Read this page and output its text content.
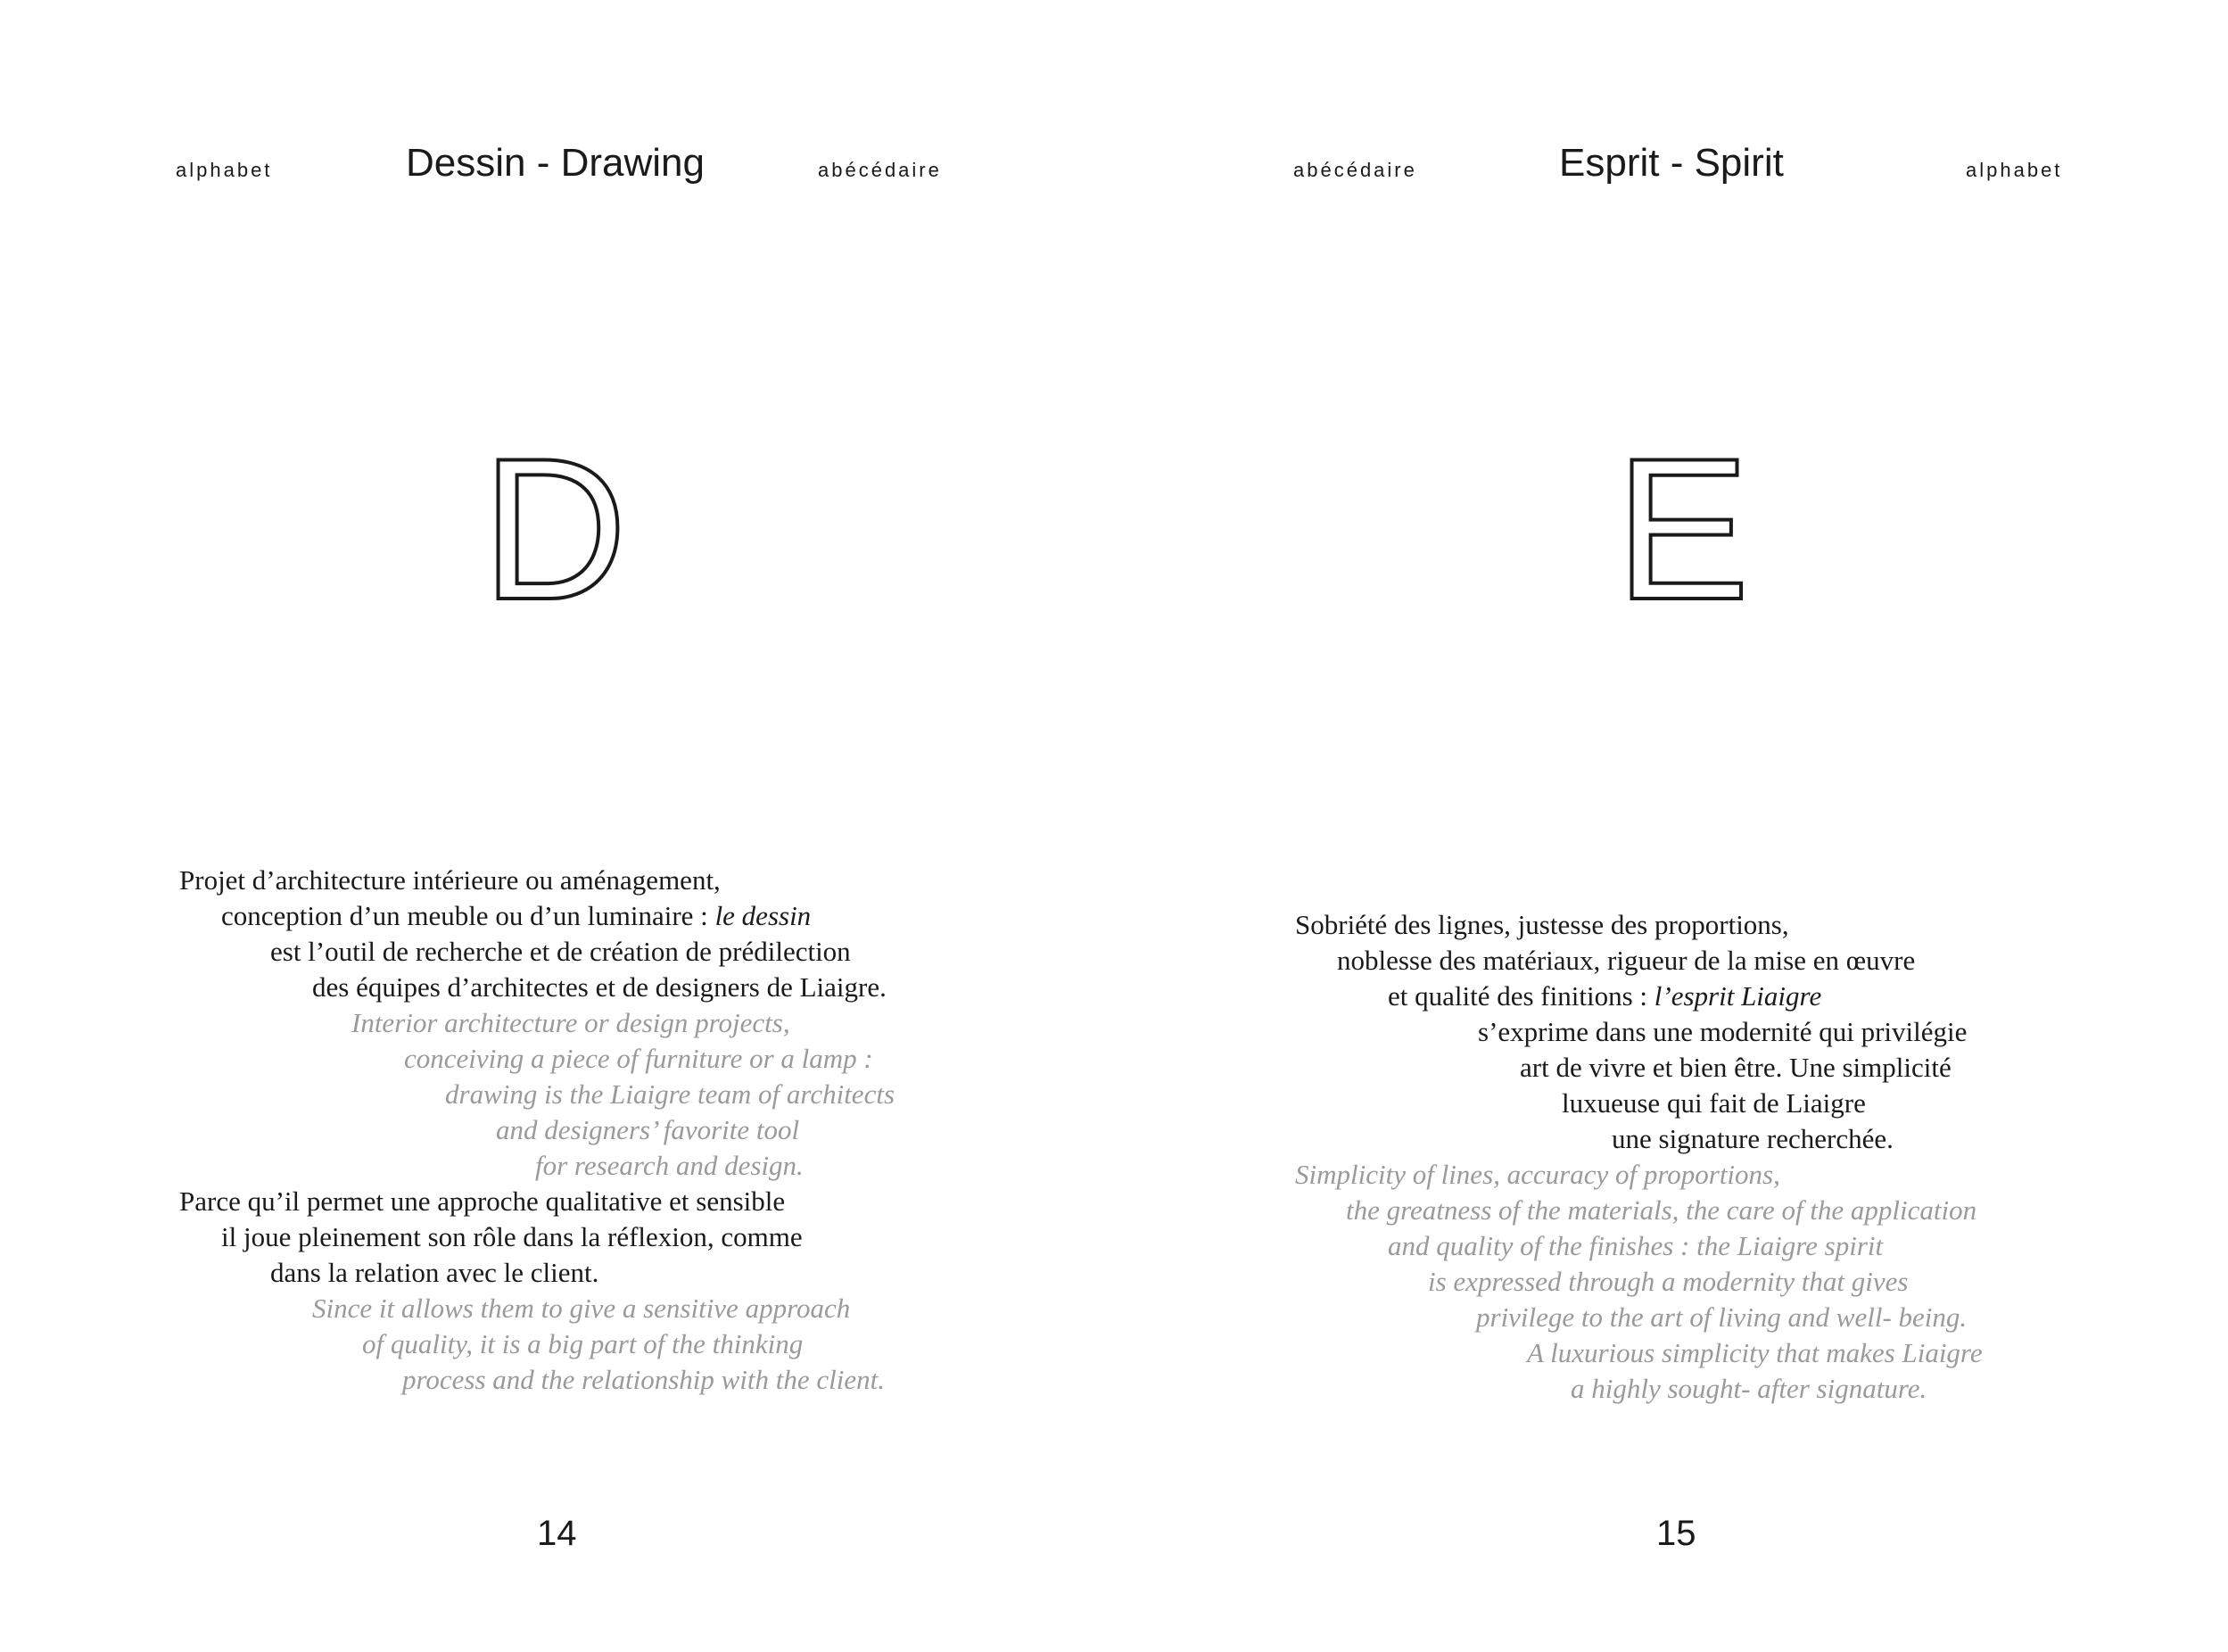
alphabet	Dessin - Drawing	abécédaire
D
Projet d’architecture intérieure ou aménagement,
conception d’un meuble ou d’un luminaire : le dessin
est l’outil de recherche et de création de prédilection
des équipes d’architectes et de designers de Liaigre.
Interior architecture or design projects,
conceiving a piece of furniture or a lamp :
drawing is the Liaigre team of architects
and designers’ favorite tool
for research and design.
Parce qu’il permet une approche qualitative et sensible
il joue pleinement son rôle dans la réflexion, comme
dans la relation avec le client.
Since it allows them to give a sensitive approach
of quality, it is a big part of the thinking
process and the relationship with the client.
14
abécédaire	Esprit - Spirit	alphabet
E
Sobriété des lignes, justesse des proportions,
noblesse des matériaux, rigueur de la mise en œuvre
et qualité des finitions : l’esprit Liaigre
s’exprime dans une modernité qui privilégie
art de vivre et bien être. Une simplicité
luxueuse qui fait de Liaigre
une signature recherchée.
Simplicity of lines, accuracy of proportions,
the greatness of the materials, the care of the application
and quality of the finishes : the Liaigre spirit
is expressed through a modernity that gives
privilege to the art of living and well- being.
A luxurious simplicity that makes Liaigre
a highly sought- after signature.
15
